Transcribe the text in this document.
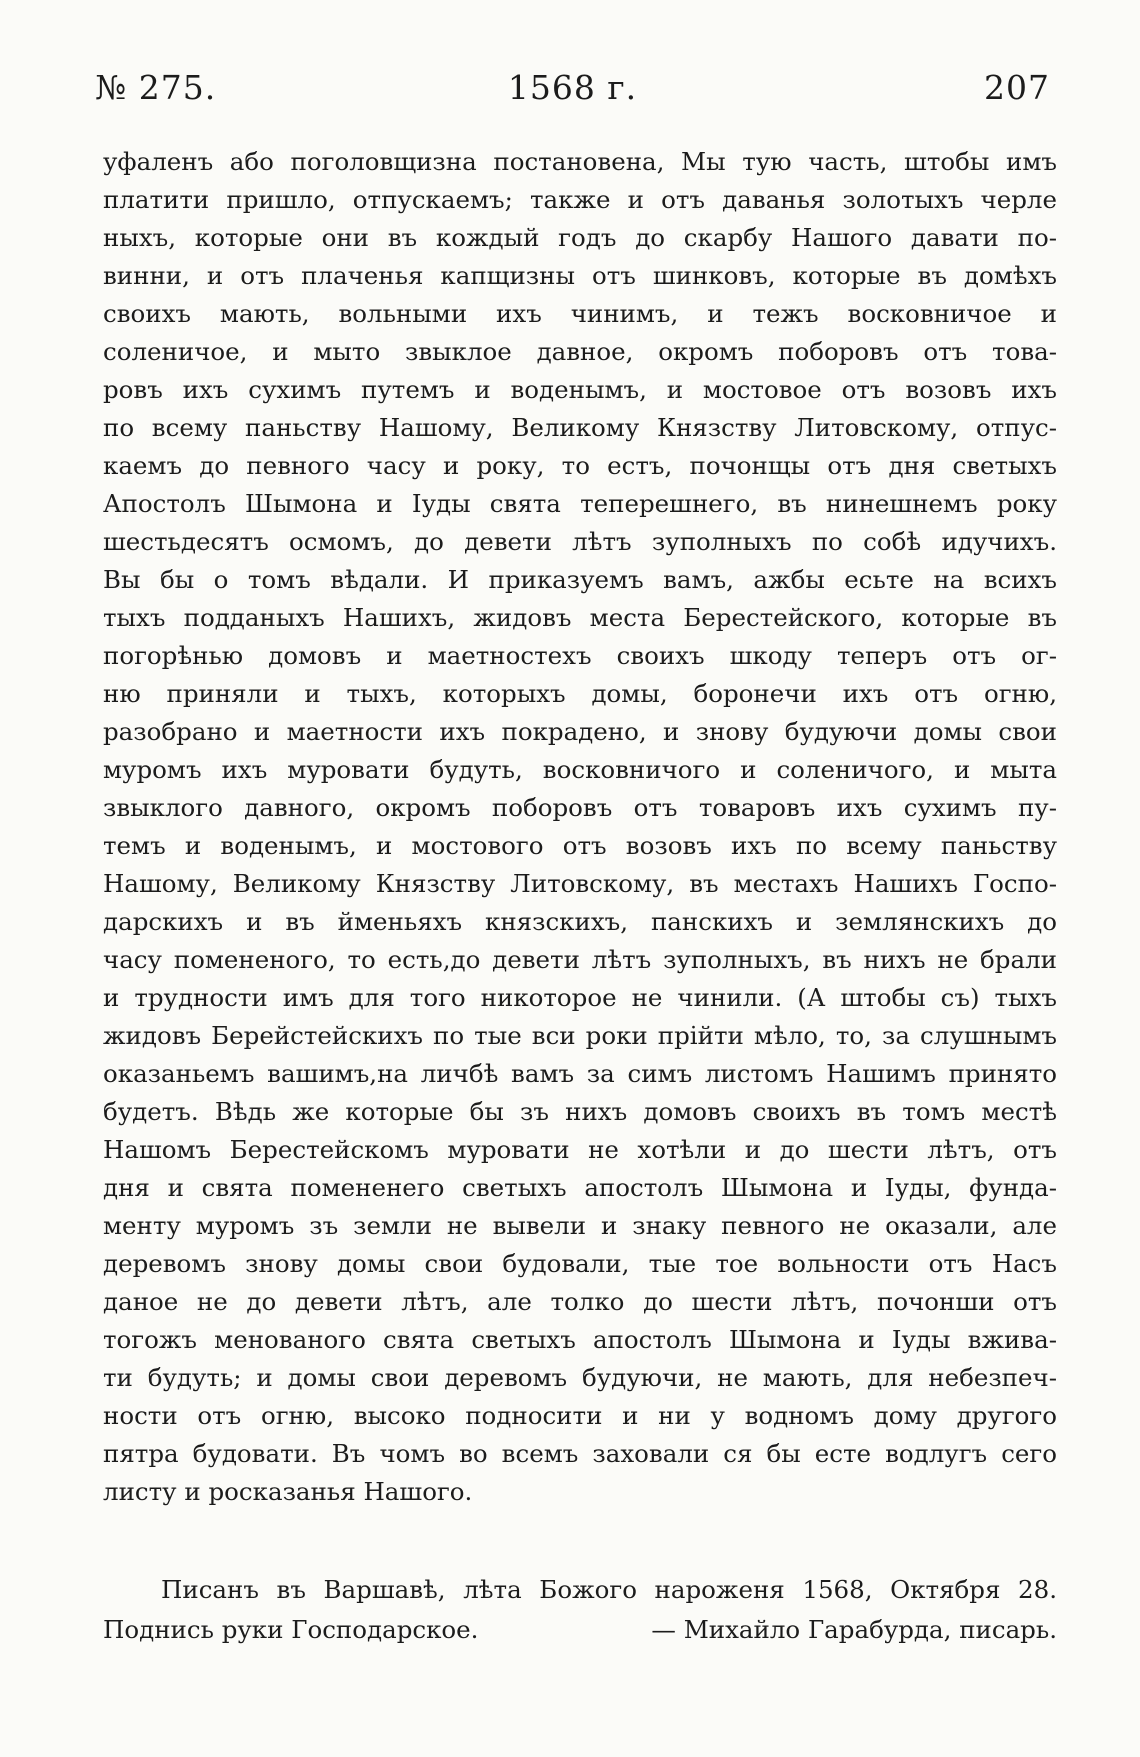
№ 275.	1568 г.	207
уфаленъ або поголовщизна постановена, Мы тую часть, штобы имъ
платити пришло, отпускаемъ; также и отъ даванья золотыхъ черле
ныхъ, которые они въ кождый годъ до скарбу Нашого давати по-
винни, и отъ плаченья капщизны отъ шинковъ, которые въ домѣхъ
своихъ мають, вольными ихъ чинимъ, и тежъ восковничое и
соленичое, и мыто звыклое давное, окромъ поборовъ отъ това-
ровъ ихъ сухимъ путемъ и воденымъ, и мостовое отъ возовъ ихъ
по всему паньству Нашому, Великому Князству Литовскому, отпус-
каемъ до певного часу и року, то естъ, почонщы отъ дня светыхъ
Апостолъ Шымона и Іуды свята теперешнего, въ нинешнемъ року
шестьдесятъ осмомъ, до девети лѣтъ зуполныхъ по собѣ идучихъ.
Вы бы о томъ вѣдали. И приказуемъ вамъ, ажбы есьте на всихъ
тыхъ подданыхъ Нашихъ, жидовъ места Берестейского, которые въ
погорѣнью домовъ и маетностехъ своихъ шкоду теперъ отъ ог-
ню приняли и тыхъ, которыхъ домы, боронечи ихъ отъ огню,
разобрано и маетности ихъ покрадено, и знову будуючи домы свои
муромъ ихъ муровати будуть, восковничого и соленичого, и мыта
звыклого давного, окромъ поборовъ отъ товаровъ ихъ сухимъ пу-
темъ и воденымъ, и мостового отъ возовъ ихъ по всему паньству
Нашому, Великому Князству Литовскому, въ местахъ Нашихъ Госпо-
дарскихъ и въ йменьяхъ князскихъ, панскихъ и землянскихъ до
часу помененого, то есть,до девети лѣтъ зуполныхъ, въ нихъ не брали
и трудности имъ для того никоторое не чинили. (А штобы съ) тыхъ
жидовъ Берейстейскихъ по тые вси роки прійти мѣло, то, за слушнымъ
оказаньемъ вашимъ,на личбѣ вамъ за симъ листомъ Нашимъ принято
будетъ. Вѣдь же которые бы зъ нихъ домовъ своихъ въ томъ местѣ
Нашомъ Берестейскомъ муровати не хотѣли и до шести лѣтъ, отъ
дня и свята помененего светыхъ апостолъ Шымона и Іуды, фунда-
менту муромъ зъ земли не вывели и знаку певного не оказали, але
деревомъ знову домы свои будовали, тые тое вольности отъ Насъ
даное не до девети лѣтъ, але толко до шести лѣтъ, почонши отъ
тогожъ менованого свята светыхъ апостолъ Шымона и Іуды вжива-
ти будуть; и домы свои деревомъ будуючи, не мають, для небезпеч-
ности отъ огню, высоко подносити и ни у водномъ дому другого
пятра будовати. Въ чомъ во всемъ заховали ся бы есте водлугъ сего
листу и росказанья Нашого.
Писанъ въ Варшавѣ, лѣта Божого нароженя 1568, Октября 28.
Поднись руки Господарское.	— Михайло Гарабурда, писарь.
